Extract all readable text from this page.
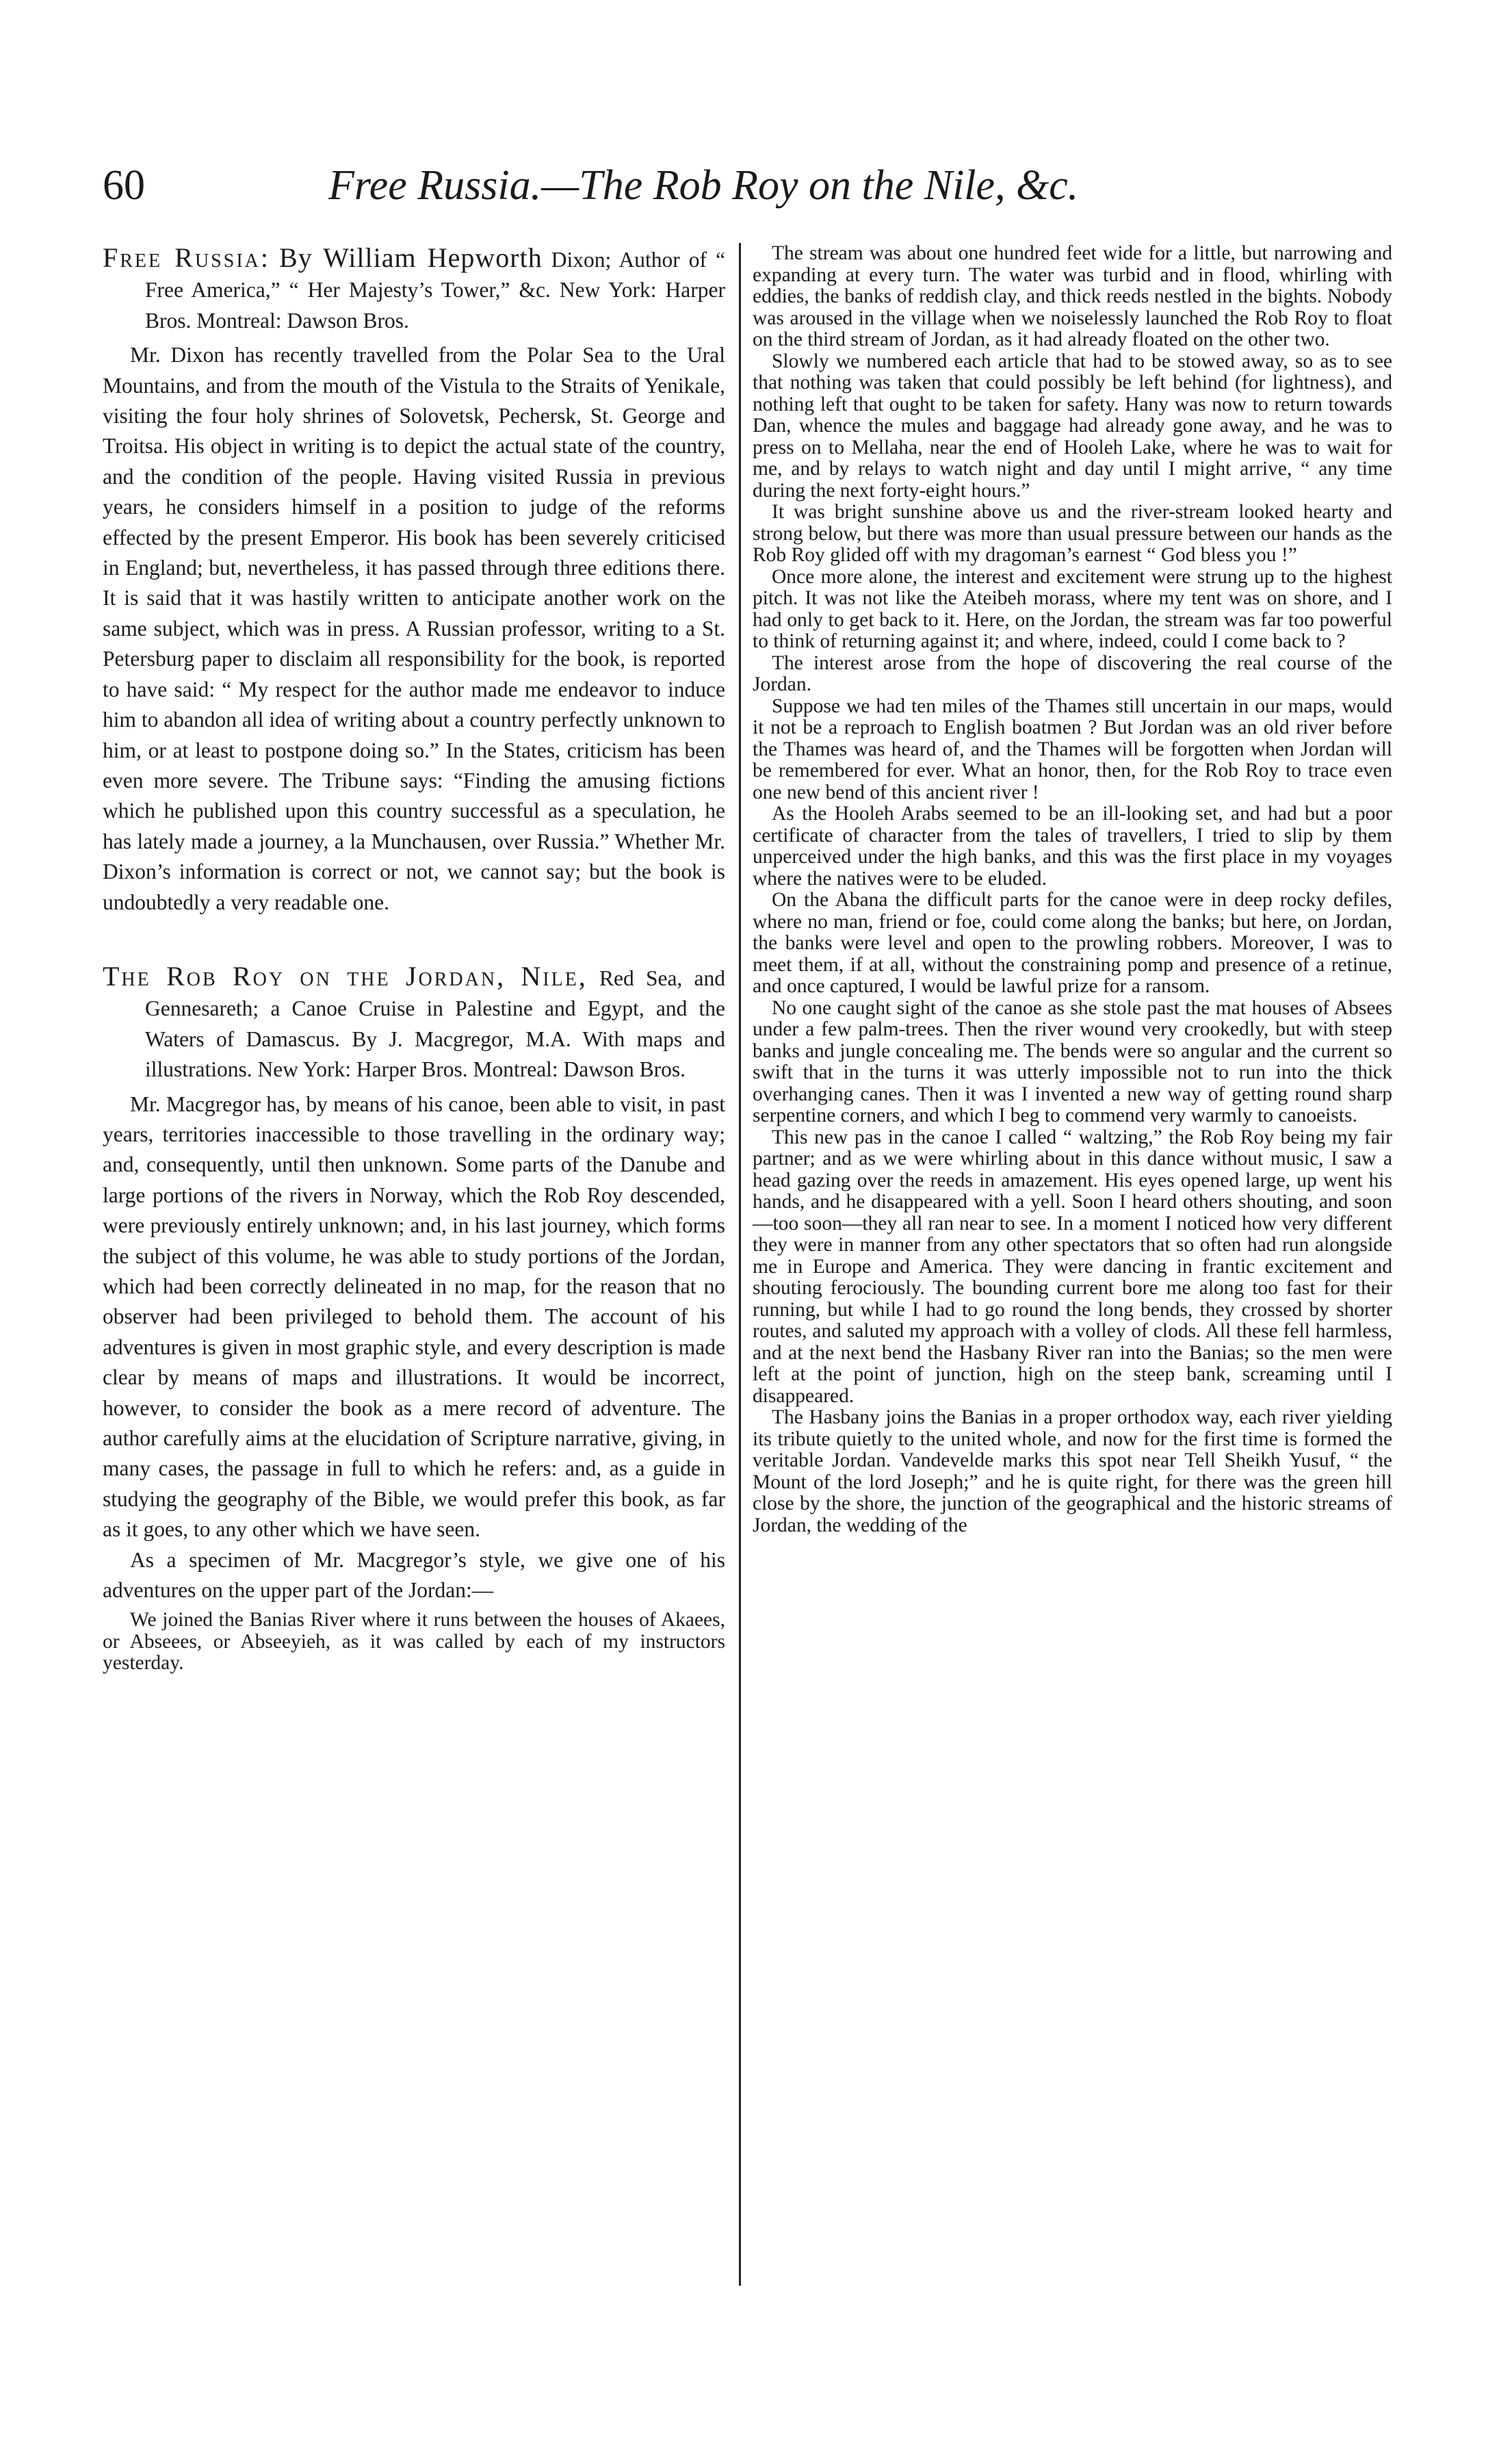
60	Free Russia.—The Rob Roy on the Nile, &c.

Free Russia: By William Hepworth Dixon; Author of “ Free America,” “ Her Majesty’s Tower,” &c. New York: Harper Bros. Montreal: Dawson Bros.

Mr. Dixon has recently travelled from the Polar Sea to the Ural Mountains, and from the mouth of the Vistula to the Straits of Yenikale, visiting the four holy shrines of Solovetsk, Pechersk, St. George and Troitsa. His object in writing is to depict the actual state of the country, and the condition of the people. Having visited Russia in previous years, he considers himself in a position to judge of the reforms effected by the present Emperor. His book has been severely criticised in England; but, nevertheless, it has passed through three editions there. It is said that it was hastily written to anticipate another work on the same subject, which was in press. A Russian professor, writing to a St. Petersburg paper to disclaim all responsibility for the book, is reported to have said: “ My respect for the author made me endeavor to induce him to abandon all idea of writing about a country perfectly unknown to him, or at least to postpone doing so.” In the States, criticism has been even more severe. The Tribune says: “Finding the amusing fictions which he published upon this country successful as a speculation, he has lately made a journey, a la Munchausen, over Russia.” Whether Mr. Dixon’s information is correct or not, we cannot say; but the book is undoubtedly a very readable one.

The Rob Roy on the Jordan, Nile, Red Sea, and Gennesareth; a Canoe Cruise in Palestine and Egypt, and the Waters of Damascus. By J. Macgregor, M.A. With maps and illustrations. New York: Harper Bros. Montreal: Dawson Bros.

Mr. Macgregor has, by means of his canoe, been able to visit, in past years, territories inaccessible to those travelling in the ordinary way; and, consequently, until then unknown. Some parts of the Danube and large portions of the rivers in Norway, which the Rob Roy descended, were previously entirely unknown; and, in his last journey, which forms the subject of this volume, he was able to study portions of the Jordan, which had been correctly delineated in no map, for the reason that no observer had been privileged to behold them. The account of his adventures is given in most graphic style, and every description is made clear by means of maps and illustrations. It would be incorrect, however, to consider the book as a mere record of adventure. The author carefully aims at the elucidation of Scripture narrative, giving, in many cases, the passage in full to which he refers: and, as a guide in studying the geography of the Bible, we would prefer this book, as far as it goes, to any other which we have seen.

As a specimen of Mr. Macgregor’s style, we give one of his adventures on the upper part of the Jordan:—

We joined the Banias River where it runs between the houses of Akaees, or Abseees, or Abseeyieh, as it was called by each of my instructors yesterday.

The stream was about one hundred feet wide for a little, but narrowing and expanding at every turn. The water was turbid and in flood, whirling with eddies, the banks of reddish clay, and thick reeds nestled in the bights. Nobody was aroused in the village when we noiselessly launched the Rob Roy to float on the third stream of Jordan, as it had already floated on the other two.

Slowly we numbered each article that had to be stowed away, so as to see that nothing was taken that could possibly be left behind (for lightness), and nothing left that ought to be taken for safety. Hany was now to return towards Dan, whence the mules and baggage had already gone away, and he was to press on to Mellaha, near the end of Hooleh Lake, where he was to wait for me, and by relays to watch night and day until I might arrive, “ any time during the next forty-eight hours.”

It was bright sunshine above us and the river-stream looked hearty and strong below, but there was more than usual pressure between our hands as the Rob Roy glided off with my dragoman’s earnest “ God bless you !”

Once more alone, the interest and excitement were strung up to the highest pitch. It was not like the Ateibeh morass, where my tent was on shore, and I had only to get back to it. Here, on the Jordan, the stream was far too powerful to think of returning against it; and where, indeed, could I come back to ?

The interest arose from the hope of discovering the real course of the Jordan.

Suppose we had ten miles of the Thames still uncertain in our maps, would it not be a reproach to English boatmen ? But Jordan was an old river before the Thames was heard of, and the Thames will be forgotten when Jordan will be remembered for ever. What an honor, then, for the Rob Roy to trace even one new bend of this ancient river !

As the Hooleh Arabs seemed to be an ill-looking set, and had but a poor certificate of character from the tales of travellers, I tried to slip by them unperceived under the high banks, and this was the first place in my voyages where the natives were to be eluded.

On the Abana the difficult parts for the canoe were in deep rocky defiles, where no man, friend or foe, could come along the banks; but here, on Jordan, the banks were level and open to the prowling robbers. Moreover, I was to meet them, if at all, without the constraining pomp and presence of a retinue, and once captured, I would be lawful prize for a ransom.

No one caught sight of the canoe as she stole past the mat houses of Absees under a few palm-trees. Then the river wound very crookedly, but with steep banks and jungle concealing me. The bends were so angular and the current so swift that in the turns it was utterly impossible not to run into the thick overhanging canes. Then it was I invented a new way of getting round sharp serpentine corners, and which I beg to commend very warmly to canoeists.

This new pas in the canoe I called “ waltzing,” the Rob Roy being my fair partner; and as we were whirling about in this dance without music, I saw a head gazing over the reeds in amazement. His eyes opened large, up went his hands, and he disappeared with a yell. Soon I heard others shouting, and soon —too soon—they all ran near to see. In a moment I noticed how very different they were in manner from any other spectators that so often had run alongside me in Europe and America. They were dancing in frantic excitement and shouting ferociously. The bounding current bore me along too fast for their running, but while I had to go round the long bends, they crossed by shorter routes, and saluted my approach with a volley of clods. All these fell harmless, and at the next bend the Hasbany River ran into the Banias; so the men were left at the point of junction, high on the steep bank, screaming until I disappeared.

The Hasbany joins the Banias in a proper orthodox way, each river yielding its tribute quietly to the united whole, and now for the first time is formed the veritable Jordan. Vandevelde marks this spot near Tell Sheikh Yusuf, “ the Mount of the lord Joseph;” and he is quite right, for there was the green hill close by the shore, the junction of the geographical and the historic streams of Jordan, the wedding of the
